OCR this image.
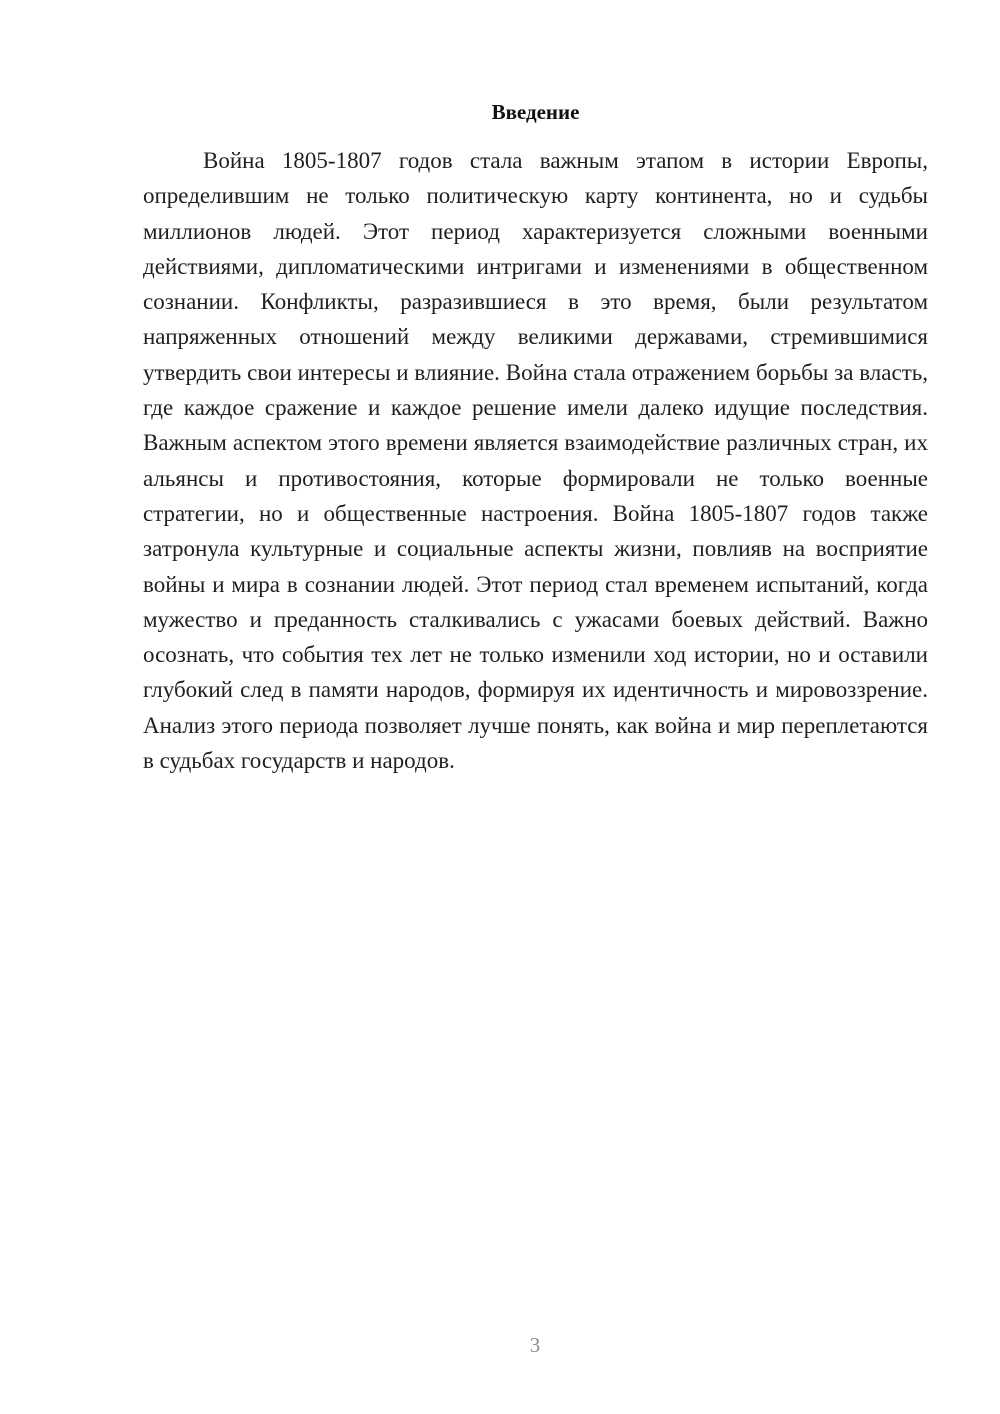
Введение

Война 1805-1807 годов стала важным этапом в истории Европы, определившим не только политическую карту континента, но и судьбы миллионов людей. Этот период характеризуется сложными военными действиями, дипломатическими интригами и изменениями в общественном сознании. Конфликты, разразившиеся в это время, были результатом напряженных отношений между великими державами, стремившимися утвердить свои интересы и влияние. Война стала отражением борьбы за власть, где каждое сражение и каждое решение имели далеко идущие последствия. Важным аспектом этого времени является взаимодействие различных стран, их альянсы и противостояния, которые формировали не только военные стратегии, но и общественные настроения. Война 1805-1807 годов также затронула культурные и социальные аспекты жизни, повлияв на восприятие войны и мира в сознании людей. Этот период стал временем испытаний, когда мужество и преданность сталкивались с ужасами боевых действий. Важно осознать, что события тех лет не только изменили ход истории, но и оставили глубокий след в памяти народов, формируя их идентичность и мировоззрение. Анализ этого периода позволяет лучше понять, как война и мир переплетаются в судьбах государств и народов.

3
